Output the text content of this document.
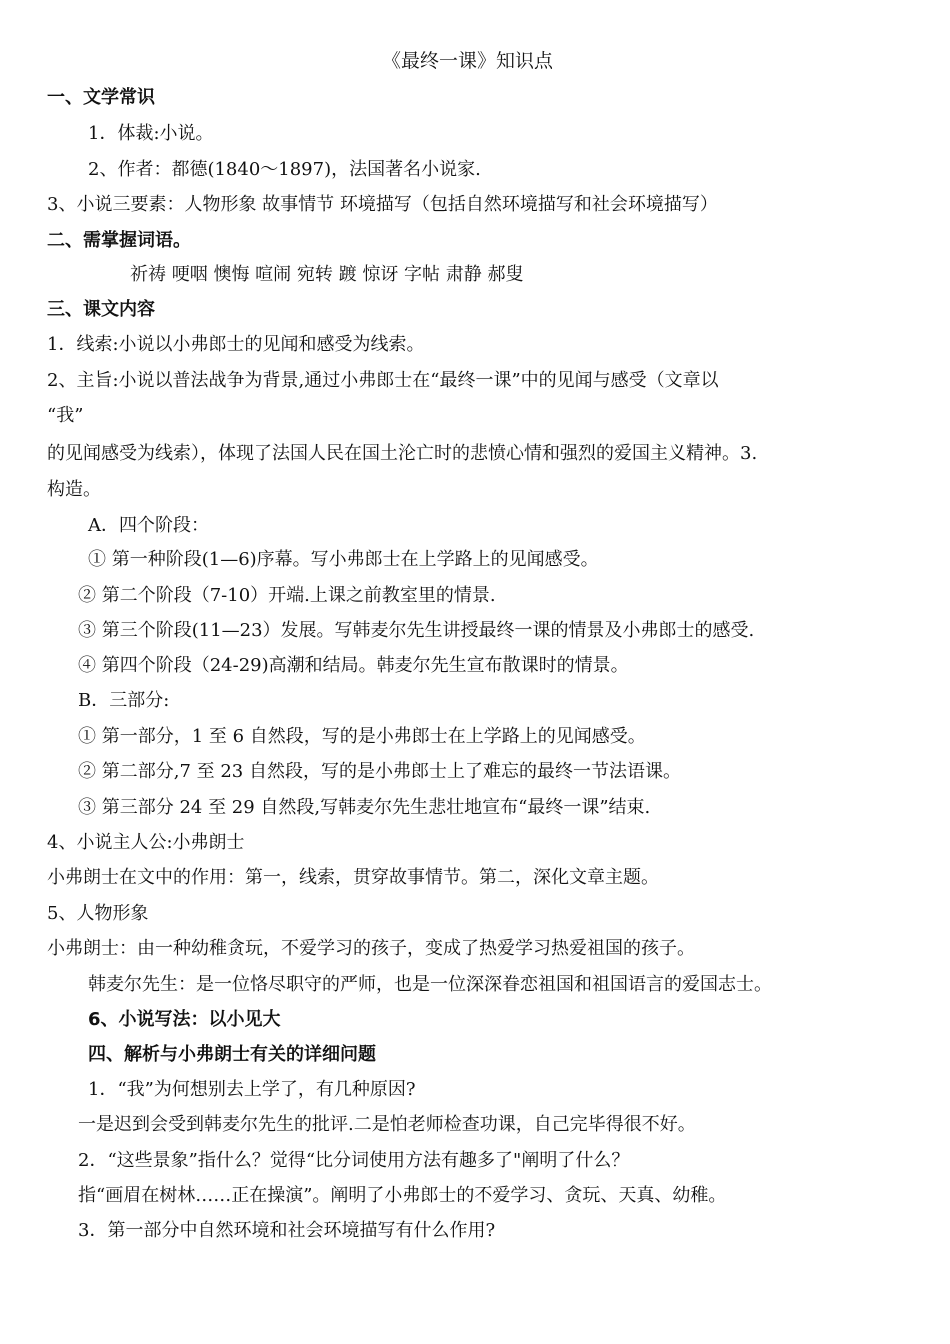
《最终一课》知识点
一、文学常识
1．体裁:小说。
2、作者：都德(1840～1897)，法国著名小说家.
3、小说三要素：人物形象 故事情节 环境描写（包括自然环境描写和社会环境描写）
二、需掌握词语。
祈祷 哽咽 懊悔 喧闹 宛转 踱 惊讶 字帖 肃静 郝叟
三、课文内容
1．线索:小说以小弗郎士的见闻和感受为线索。
2、主旨:小说以普法战争为背景,通过小弗郎士在“最终一课”中的见闻与感受（文章以
“我”
的见闻感受为线索），体现了法国人民在国土沦亡时的悲愤心情和强烈的爱国主义精神。3.
构造。
A．四个阶段：
① 第一种阶段(1—6)序幕。写小弗郎士在上学路上的见闻感受。
② 第二个阶段（7-10）开端.上课之前教室里的情景.
③ 第三个阶段(11—23）发展。写韩麦尔先生讲授最终一课的情景及小弗郎士的感受.
④ 第四个阶段（24-29)高潮和结局。韩麦尔先生宣布散课时的情景。
B．三部分:
① 第一部分，1 至 6 自然段，写的是小弗郎士在上学路上的见闻感受。
② 第二部分,7 至 23 自然段，写的是小弗郎士上了难忘的最终一节法语课。
③ 第三部分 24 至 29 自然段,写韩麦尔先生悲壮地宣布“最终一课”结束.
4、小说主人公:小弗朗士
小弗朗士在文中的作用：第一，线索，贯穿故事情节。第二，深化文章主题。
5、人物形象
小弗朗士：由一种幼稚贪玩，不爱学习的孩子，变成了热爱学习热爱祖国的孩子。
韩麦尔先生：是一位恪尽职守的严师，也是一位深深眷恋祖国和祖国语言的爱国志士。
6、小说写法：以小见大
四、解析与小弗朗士有关的详细问题
1．“我”为何想别去上学了，有几种原因?
一是迟到会受到韩麦尔先生的批评.二是怕老师检查功课，自己完毕得很不好。
2．“这些景象”指什么？觉得“比分词使用方法有趣多了"阐明了什么？
指“画眉在树林……正在操演”。阐明了小弗郎士的不爱学习、贪玩、天真、幼稚。
3．第一部分中自然环境和社会环境描写有什么作用?
